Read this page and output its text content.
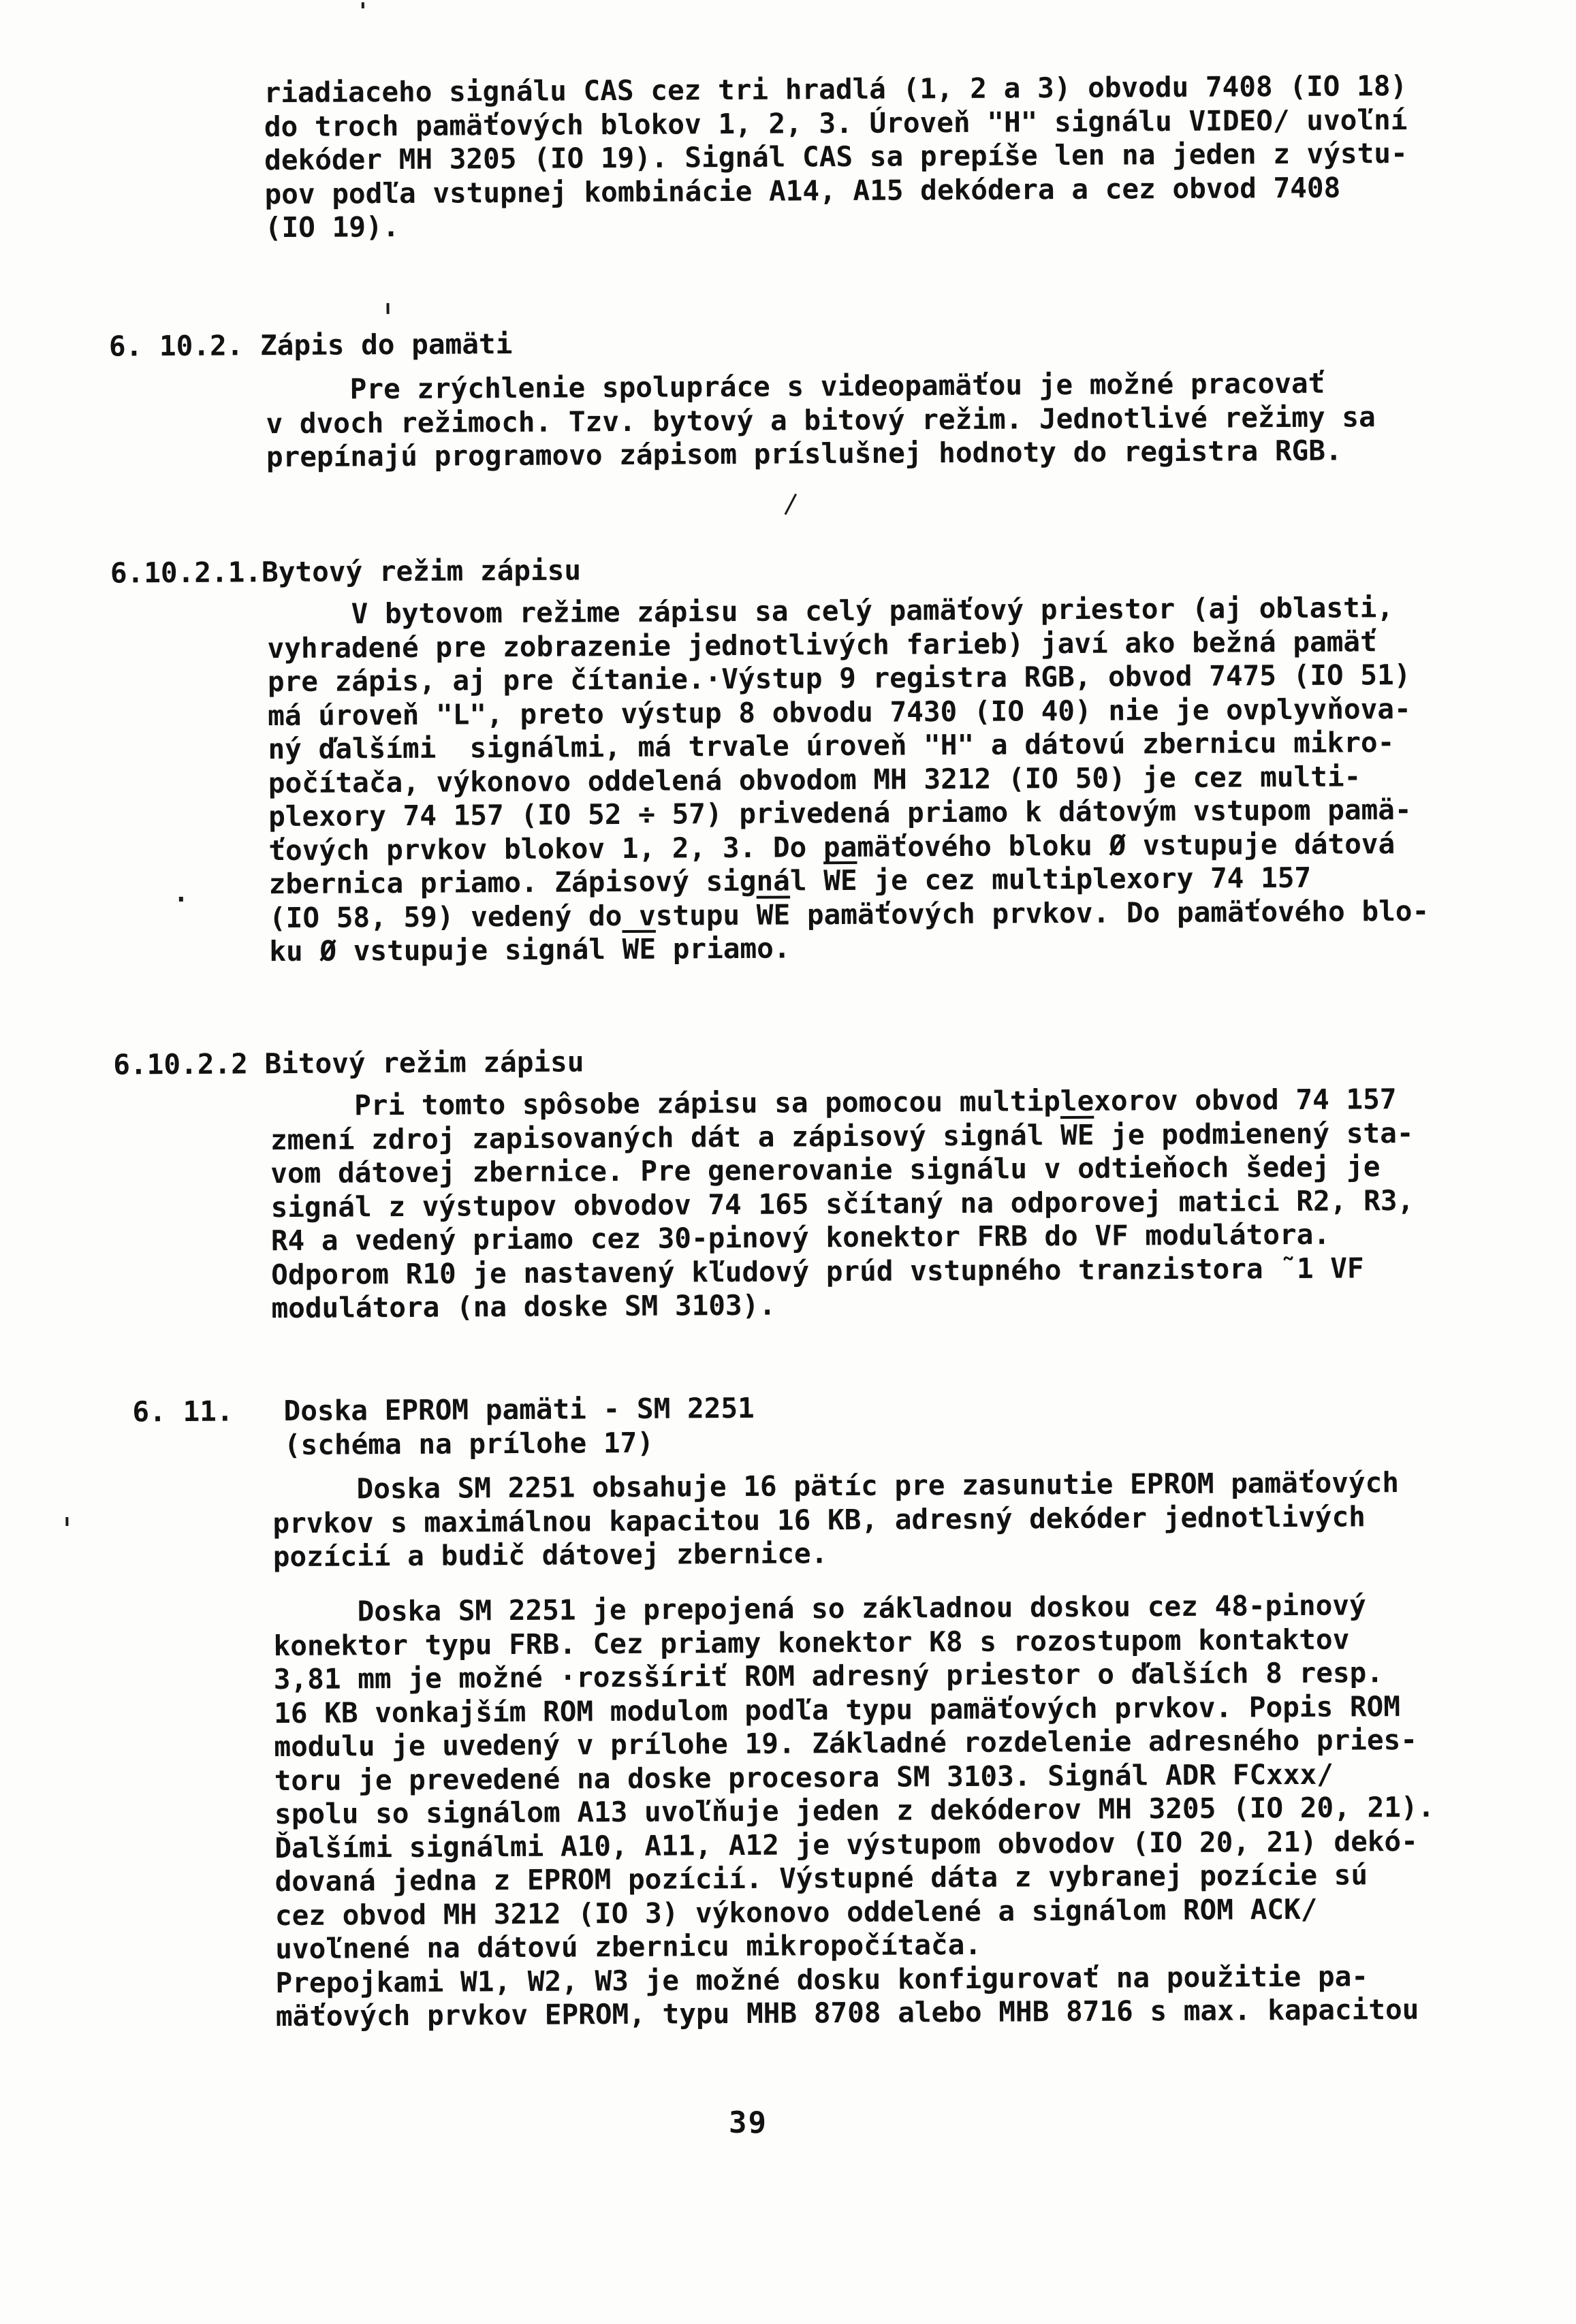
riadiaceho signálu CAS cez tri hradlá (1, 2 a 3) obvodu 7408 (IO 18)
do troch pamäťových blokov 1, 2, 3. Úroveň "H" signálu VIDEO/ uvoľní
dekóder MH 3205 (IO 19). Signál CAS sa prepíše len na jeden z výstu-
pov podľa vstupnej kombinácie A14, A15 dekódera a cez obvod 7408
(IO 19).
6. 10.2. Zápis do pamäti
Pre zrýchlenie spolupráce s videopamäťou je možné pracovať
v dvoch režimoch. Tzv. bytový a bitový režim. Jednotlivé režimy sa
prepínajú programovo zápisom príslušnej hodnoty do registra RGB.
6.10.2.1.Bytový režim zápisu
V bytovom režime zápisu sa celý pamäťový priestor (aj oblasti,
vyhradené pre zobrazenie jednotlivých farieb) javí ako bežná pamäť
pre zápis, aj pre čítanie.·Výstup 9 registra RGB, obvod 7475 (IO 51)
má úroveň "L", preto výstup 8 obvodu 7430 (IO 40) nie je ovplyvňova-
ný ďalšími  signálmi, má trvale úroveň "H" a dátovú zbernicu mikro-
počítača, výkonovo oddelená obvodom MH 3212 (IO 50) je cez multi-
plexory 74 157 (IO 52 ÷ 57) privedená priamo k dátovým vstupom pamä-
ťových prvkov blokov 1, 2, 3. Do pamäťového bloku Ø vstupuje dátová
zbernica priamo. Zápisový signál $\overline{WE}$ je cez multiplexory 74 157
(IO 58, 59) vedený do vstupu $\overline{WE}$ pamäťových prvkov. Do pamäťového blo-
ku Ø vstupuje signál $\overline{WE}$ priamo.
6.10.2.2 Bitový režim zápisu
Pri tomto spôsobe zápisu sa pomocou multiplexorov obvod 74 157
zmení zdroj zapisovaných dát a zápisový signál $\overline{WE}$ je podmienený sta-
vom dátovej zbernice. Pre generovanie signálu v odtieňoch šedej je
signál z výstupov obvodov 74 165 sčítaný na odporovej matici R2, R3,
R4 a vedený priamo cez 30-pinový konektor FRB do VF modulátora.
Odporom R10 je nastavený kľudový prúd vstupného tranzistora ˜1 VF
modulátora (na doske SM 3103).
6. 11.   Doska EPROM pamäti - SM 2251
(schéma na prílohe 17)
Doska SM 2251 obsahuje 16 pätíc pre zasunutie EPROM pamäťových
prvkov s maximálnou kapacitou 16 KB, adresný dekóder jednotlivých
pozícií a budič dátovej zbernice.
Doska SM 2251 je prepojená so základnou doskou cez 48-pinový
konektor typu FRB. Cez priamy konektor K8 s rozostupom kontaktov
3,81 mm je možné ·rozsšíriť ROM adresný priestor o ďalších 8 resp.
16 KB vonkajším ROM modulom podľa typu pamäťových prvkov. Popis ROM
modulu je uvedený v prílohe 19. Základné rozdelenie adresného pries-
toru je prevedené na doske procesora SM 3103. Signál ADR FCxxx/
spolu so signálom A13 uvoľňuje jeden z dekóderov MH 3205 (IO 20, 21).
Ďalšími signálmi A10, A11, A12 je výstupom obvodov (IO 20, 21) dekó-
dovaná jedna z EPROM pozícií. Výstupné dáta z vybranej pozície sú
cez obvod MH 3212 (IO 3) výkonovo oddelené a signálom ROM ACK/
uvoľnené na dátovú zbernicu mikropočítača.
Prepojkami W1, W2, W3 je možné dosku konfigurovať na použitie pa-
mäťových prvkov EPROM, typu MHB 8708 alebo MHB 8716 s max. kapacitou
39
